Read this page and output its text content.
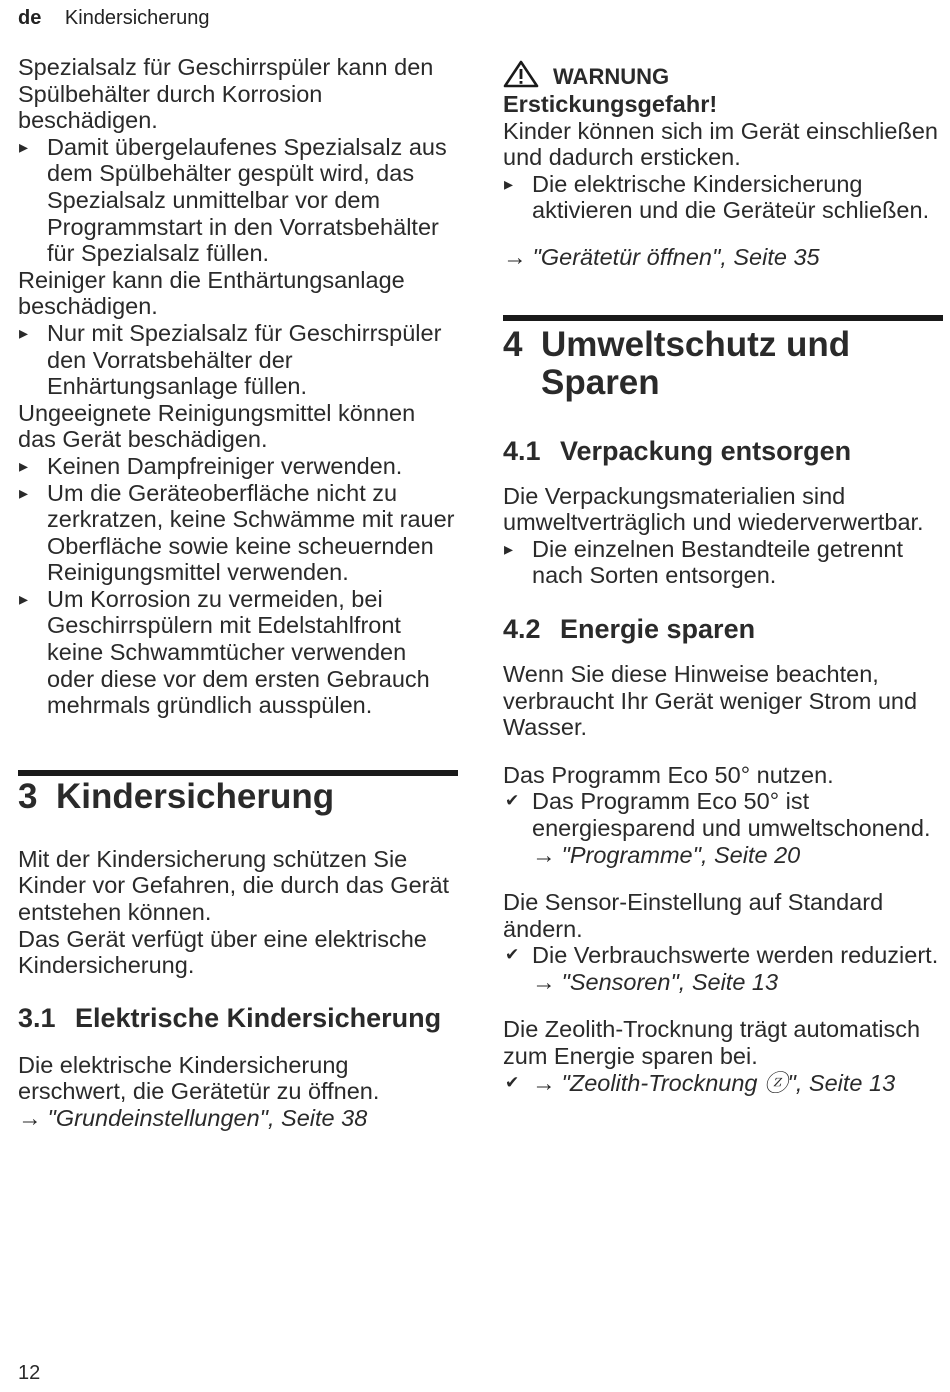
de Kindersicherung

Spezialsalz für Geschirrspüler kann den Spülbehälter durch Korrosion beschädigen.

▸ Damit übergelaufenes Spezialsalz aus dem Spülbehälter gespült wird, das Spezialsalz unmittelbar vor dem Programmstart in den Vorratsbehälter für Spezialsalz füllen.

Reiniger kann die Enthärtungsanlage beschädigen.

▸ Nur mit Spezialsalz für Geschirrspüler den Vorratsbehälter der Enhärtungsanlage füllen.

Ungeeignete Reinigungsmittel können das Gerät beschädigen.

▸ Keinen Dampfreiniger verwenden.

▸ Um die Geräteoberfläche nicht zu zerkratzen, keine Schwämme mit rauer Oberfläche sowie keine scheuernden Reinigungsmittel verwenden.

▸ Um Korrosion zu vermeiden, bei Geschirrspülern mit Edelstahlfront keine Schwammtücher verwenden oder diese vor dem ersten Gebrauch mehrmals gründlich ausspülen.

3 Kindersicherung

Mit der Kindersicherung schützen Sie Kinder vor Gefahren, die durch das Gerät entstehen können.

Das Gerät verfügt über eine elektrische Kindersicherung.

3.1 Elektrische Kindersicherung

Die elektrische Kindersicherung erschwert, die Gerätetür zu öffnen.

→ "Grundeinstellungen", Seite 38

WARNUNG

Erstickungsgefahr!

Kinder können sich im Gerät einschließen und dadurch ersticken.

▸ Die elektrische Kindersicherung aktivieren und die Geräteür schließen.

→ "Gerätetür öffnen", Seite 35

4 Umweltschutz und Sparen
4.1 Verpackung entsorgen

Die Verpackungsmaterialien sind umweltverträglich und wiederverwertbar.

▸ Die einzelnen Bestandteile getrennt nach Sorten entsorgen.

4.2 Energie sparen

Wenn Sie diese Hinweise beachten, verbraucht Ihr Gerät weniger Strom und Wasser.

Das Programm Eco 50° nutzen.

✔ Das Programm Eco 50° ist energiesparend und umweltschonend.

→ "Programme", Seite 20

Die Sensor-Einstellung auf Standard ändern.

✔ Die Verbrauchswerte werden reduziert.

→ "Sensoren", Seite 13

Die Zeolith-Trocknung trägt automatisch zum Energie sparen bei.

✔ → "Zeolith-Trocknung ⓩ", Seite 13

12
